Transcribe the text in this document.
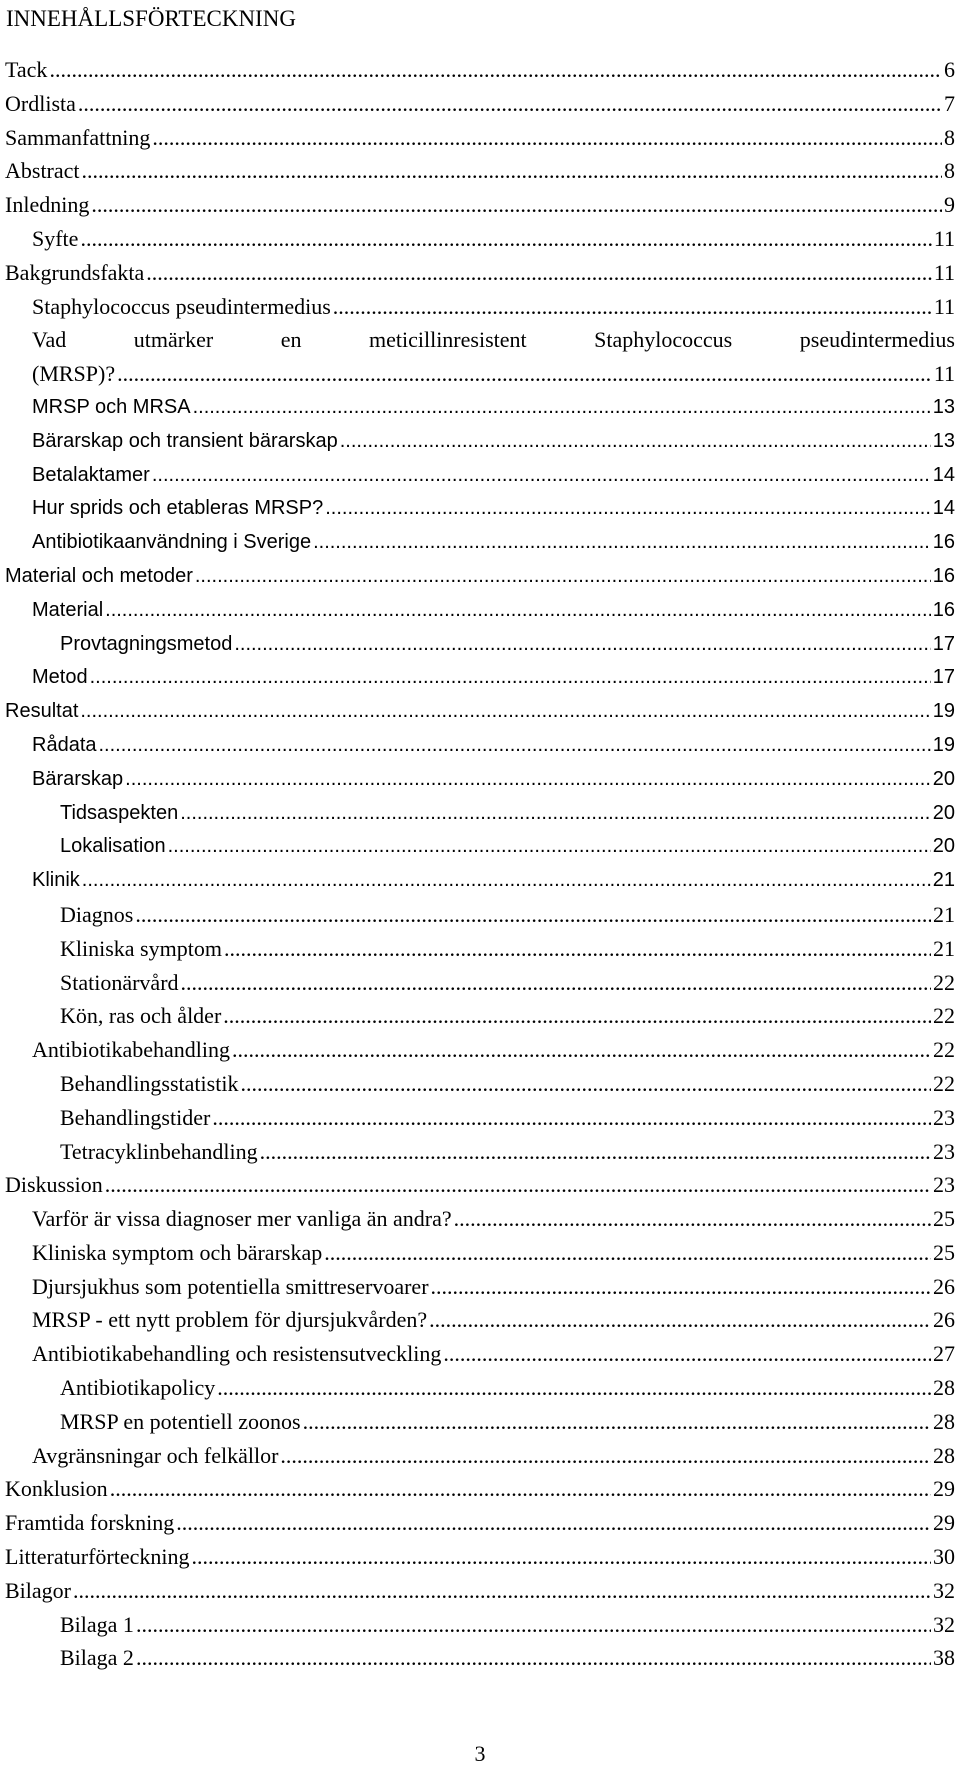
INNEHÅLLSFÖRTECKNING
Tack .....	6
Ordlista .....	7
Sammanfattning .....	8
Abstract .....	8
Inledning .....	9
Syfte .....	11
Bakgrundsfakta .....	11
Staphylococcus pseudintermedius .....	11
Vad	utmärker	en	meticillinresistent	Staphylococcus	pseudintermedius
(MRSP)? .....	11
MRSP och MRSA .....	13
Bärarskap och transient bärarskap .....	13
Betalaktamer .....	14
Hur sprids och etableras MRSP? .....	14
Antibiotikaanvändning i Sverige .....	16
Material och metoder .....	16
Material .....	16
Provtagningsmetod .....	17
Metod .....	17
Resultat .....	19
Rådata .....	19
Bärarskap .....	20
Tidsaspekten .....	20
Lokalisation .....	20
Klinik .....	21
Diagnos .....	21
Kliniska symptom .....	21
Stationärvård .....	22
Kön, ras och ålder .....	22
Antibiotikabehandling .....	22
Behandlingsstatistik .....	22
Behandlingstider .....	23
Tetracyklinbehandling .....	23
Diskussion .....	23
Varför är vissa diagnoser mer vanliga än andra? .....	25
Kliniska symptom och bärarskap .....	25
Djursjukhus som potentiella smittreservoarer .....	26
MRSP - ett nytt problem för djursjukvården? .....	26
Antibiotikabehandling och resistensutveckling .....	27
Antibiotikapolicy .....	28
MRSP en potentiell zoonos .....	28
Avgränsningar och felkällor .....	28
Konklusion .....	29
Framtida forskning .....	29
Litteraturförteckning .....	30
Bilagor .....	32
Bilaga 1 .....	32
Bilaga 2 .....	38
3
